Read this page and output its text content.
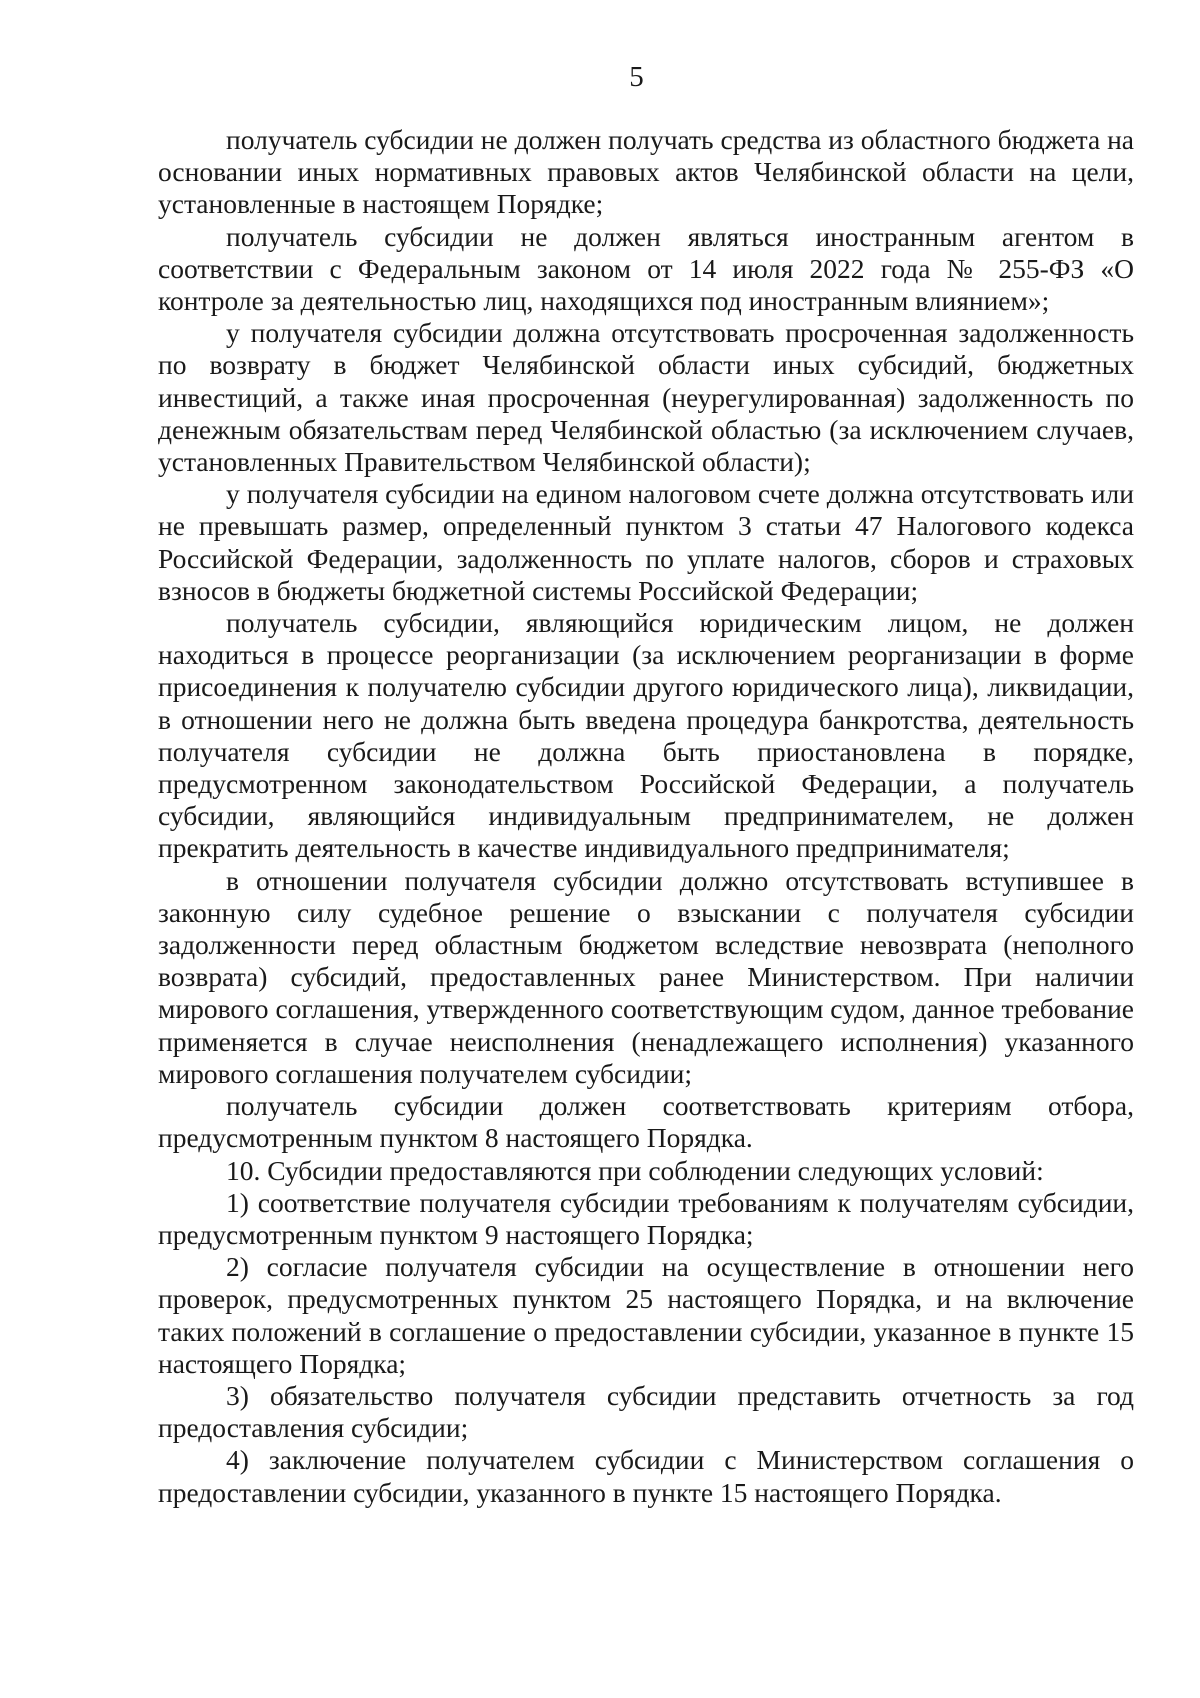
5

получатель субсидии не должен получать средства из областного бюджета на основании иных нормативных правовых актов Челябинской области на цели, установленные в настоящем Порядке;

получатель субсидии не должен являться иностранным агентом в соответствии с Федеральным законом от 14 июля 2022 года № 255-ФЗ «О контроле за деятельностью лиц, находящихся под иностранным влиянием»;

у получателя субсидии должна отсутствовать просроченная задолженность по возврату в бюджет Челябинской области иных субсидий, бюджетных инвестиций, а также иная просроченная (неурегулированная) задолженность по денежным обязательствам перед Челябинской областью (за исключением случаев, установленных Правительством Челябинской области);

у получателя субсидии на едином налоговом счете должна отсутствовать или не превышать размер, определенный пунктом 3 статьи 47 Налогового кодекса Российской Федерации, задолженность по уплате налогов, сборов и страховых взносов в бюджеты бюджетной системы Российской Федерации;

получатель субсидии, являющийся юридическим лицом, не должен находиться в процессе реорганизации (за исключением реорганизации в форме присоединения к получателю субсидии другого юридического лица), ликвидации, в отношении него не должна быть введена процедура банкротства, деятельность получателя субсидии не должна быть приостановлена в порядке, предусмотренном законодательством Российской Федерации, а получатель субсидии, являющийся индивидуальным предпринимателем, не должен прекратить деятельность в качестве индивидуального предпринимателя;

в отношении получателя субсидии должно отсутствовать вступившее в законную силу судебное решение о взыскании с получателя субсидии задолженности перед областным бюджетом вследствие невозврата (неполного возврата) субсидий, предоставленных ранее Министерством. При наличии мирового соглашения, утвержденного соответствующим судом, данное требование применяется в случае неисполнения (ненадлежащего исполнения) указанного мирового соглашения получателем субсидии;

получатель субсидии должен соответствовать критериям отбора, предусмотренным пунктом 8 настоящего Порядка.

10. Субсидии предоставляются при соблюдении следующих условий:

1) соответствие получателя субсидии требованиям к получателям субсидии, предусмотренным пунктом 9 настоящего Порядка;

2) согласие получателя субсидии на осуществление в отношении него проверок, предусмотренных пунктом 25 настоящего Порядка, и на включение таких положений в соглашение о предоставлении субсидии, указанное в пункте 15 настоящего Порядка;

3) обязательство получателя субсидии представить отчетность за год предоставления субсидии;

4) заключение получателем субсидии с Министерством соглашения о предоставлении субсидии, указанного в пункте 15 настоящего Порядка.
